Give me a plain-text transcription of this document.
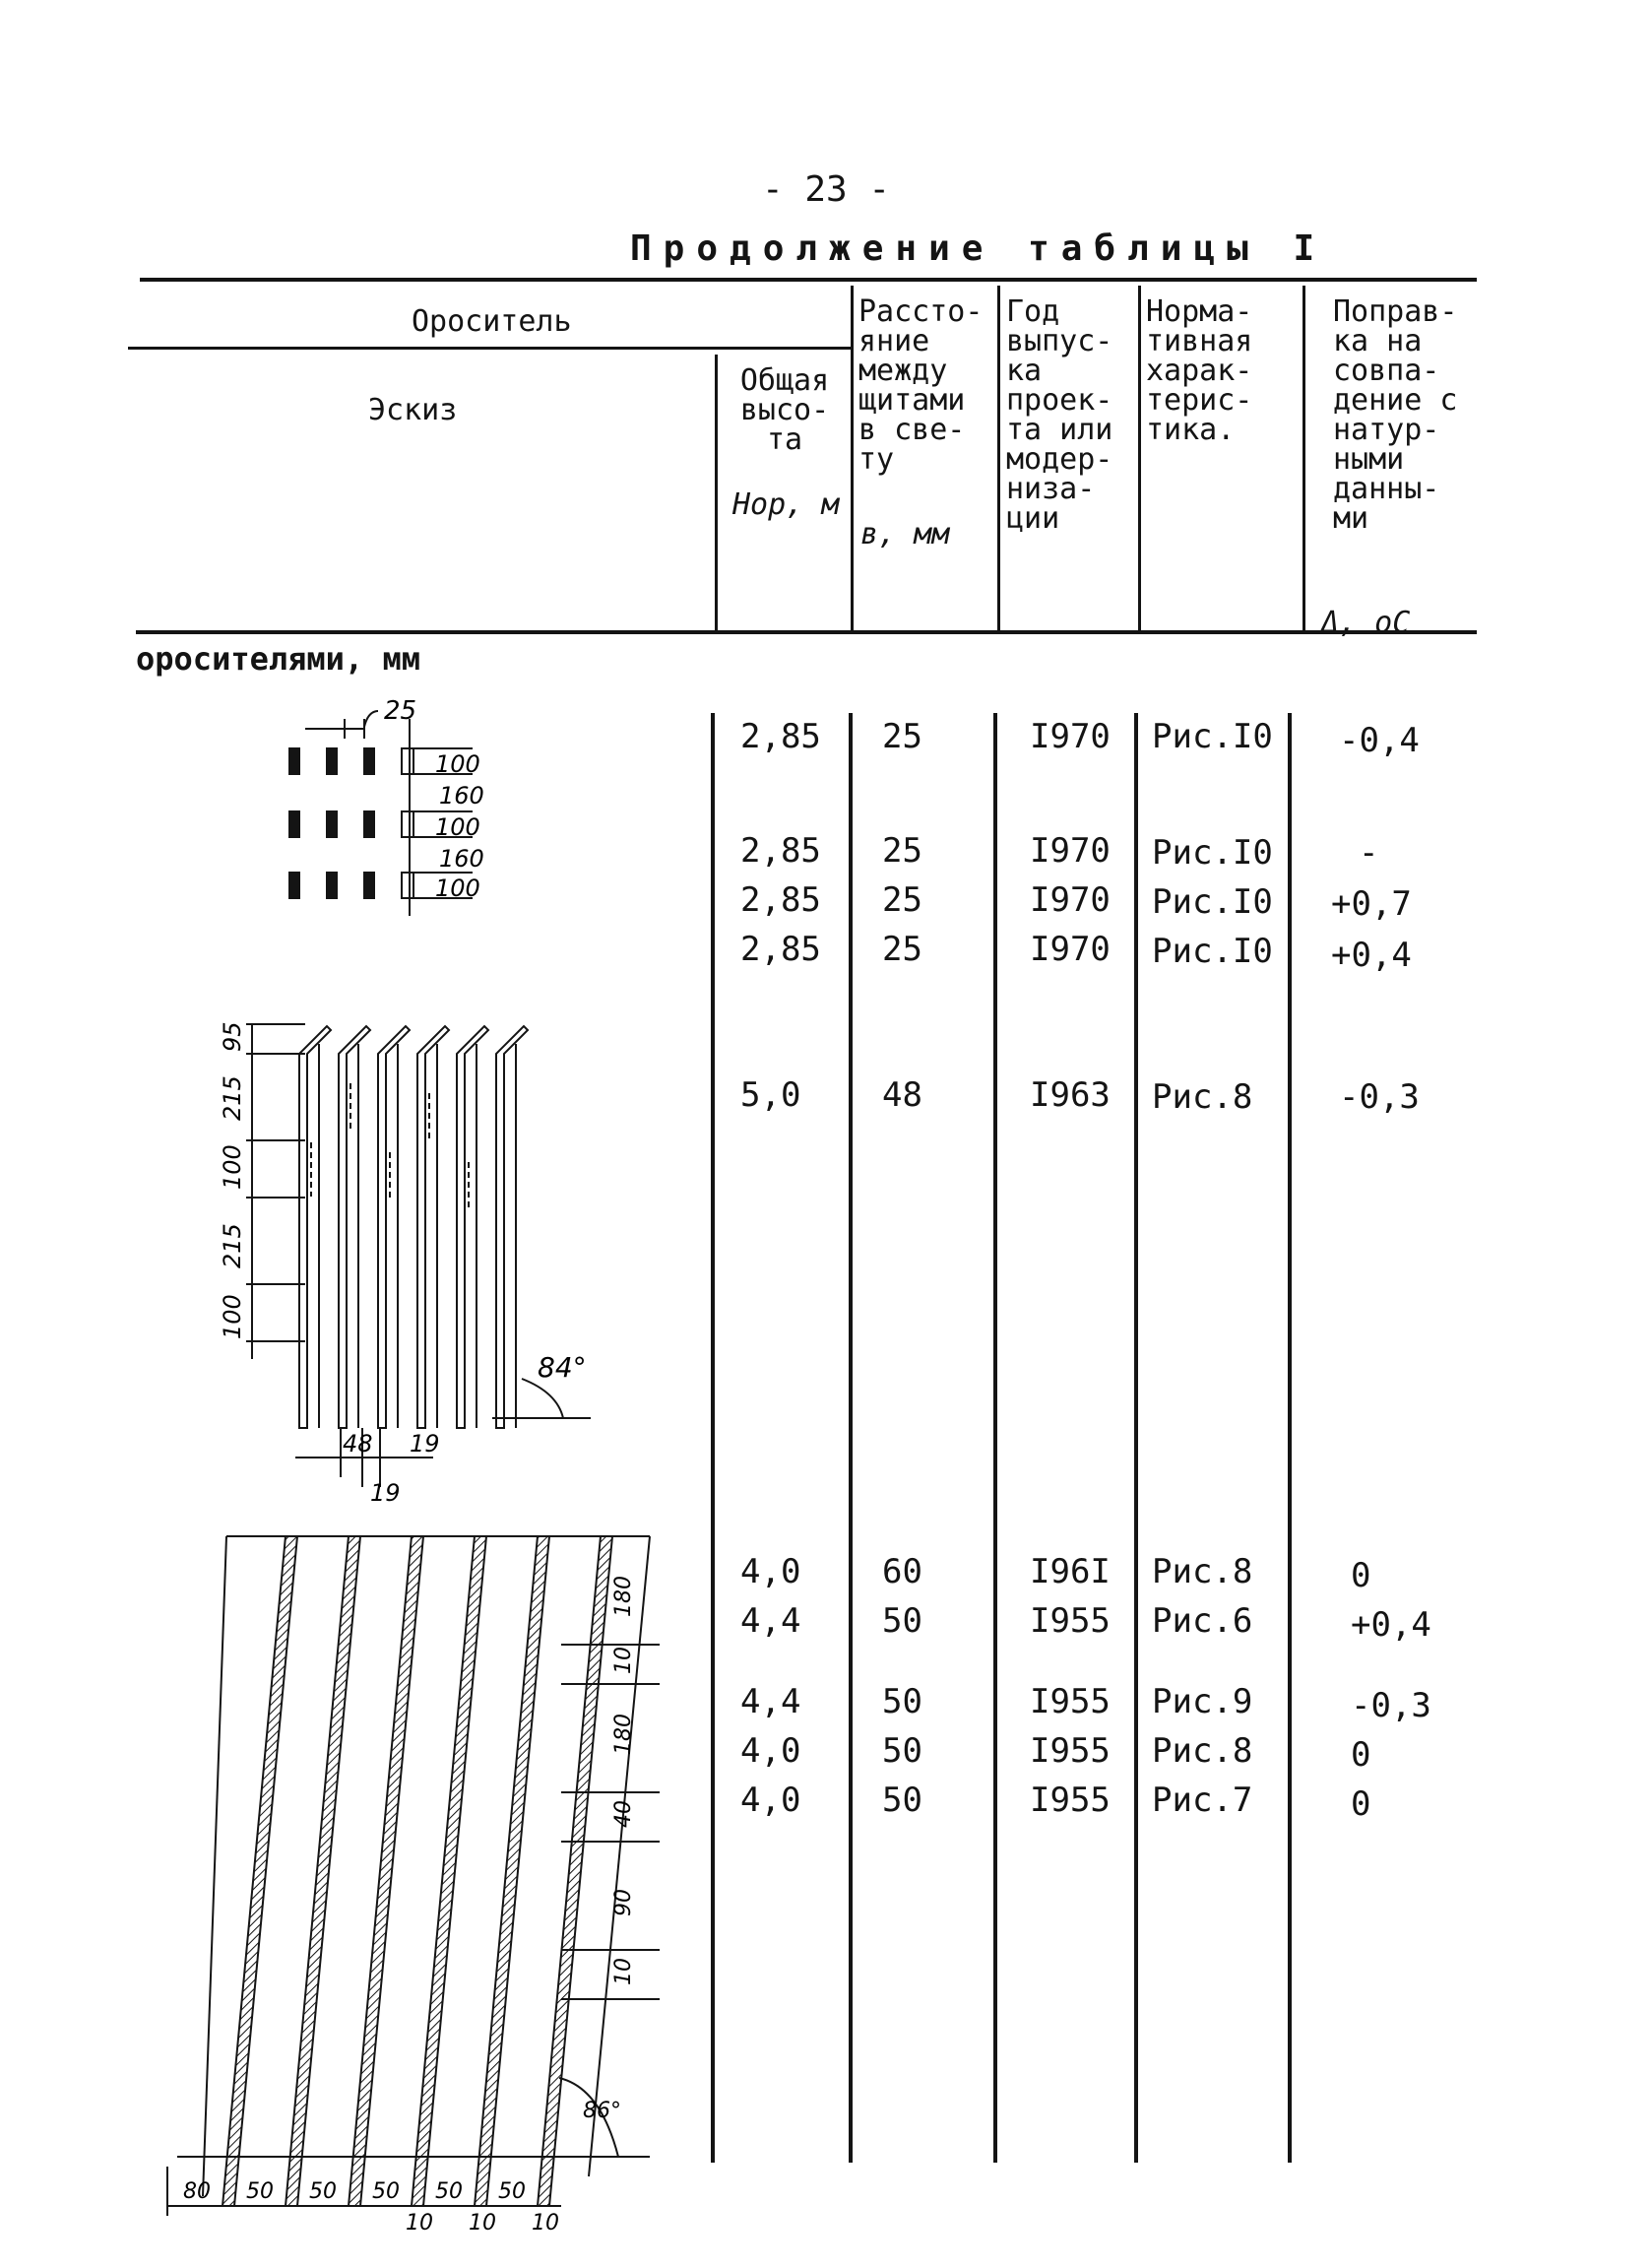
- 23 -
Продолжение таблицы I
Ороситель
Эскиз
Общая
высо-
та
Hор, м
Рассто-
яние
между
щитами
в све-
ту
в, мм
Год
выпус-
ка
проек-
та или
модер-
низа-
ции
Норма-
тивная
харак-
терис-
тика.
Поправ-
ка на
совпа-
дение с
натур-
ными
данны-
ми
Δ, оС
оросителями, мм
2,85 25	I970 Рис.I0 -0,4
2,85 25	I970 Рис.I0	-
2,85 25	I970 Рис.I0 +0,7
2,85 25	I970 Рис.I0 +0,4
5,0 48	I963 Рис.8	-0,3
4,0 60	I96I Рис.8	0
4,4 50	I955 Рис.6	+0,4
4,4 50	I955 Рис.9	-0,3
4,0 50	I955 Рис.8	0
4,0 50	I955 Рис.7	0
25
100
160
100
160
100
95
215
100
215
100
84°
48 19
19
180
10
180
40
90
10
86°
80 50 50 50 50 50
10 10 10
